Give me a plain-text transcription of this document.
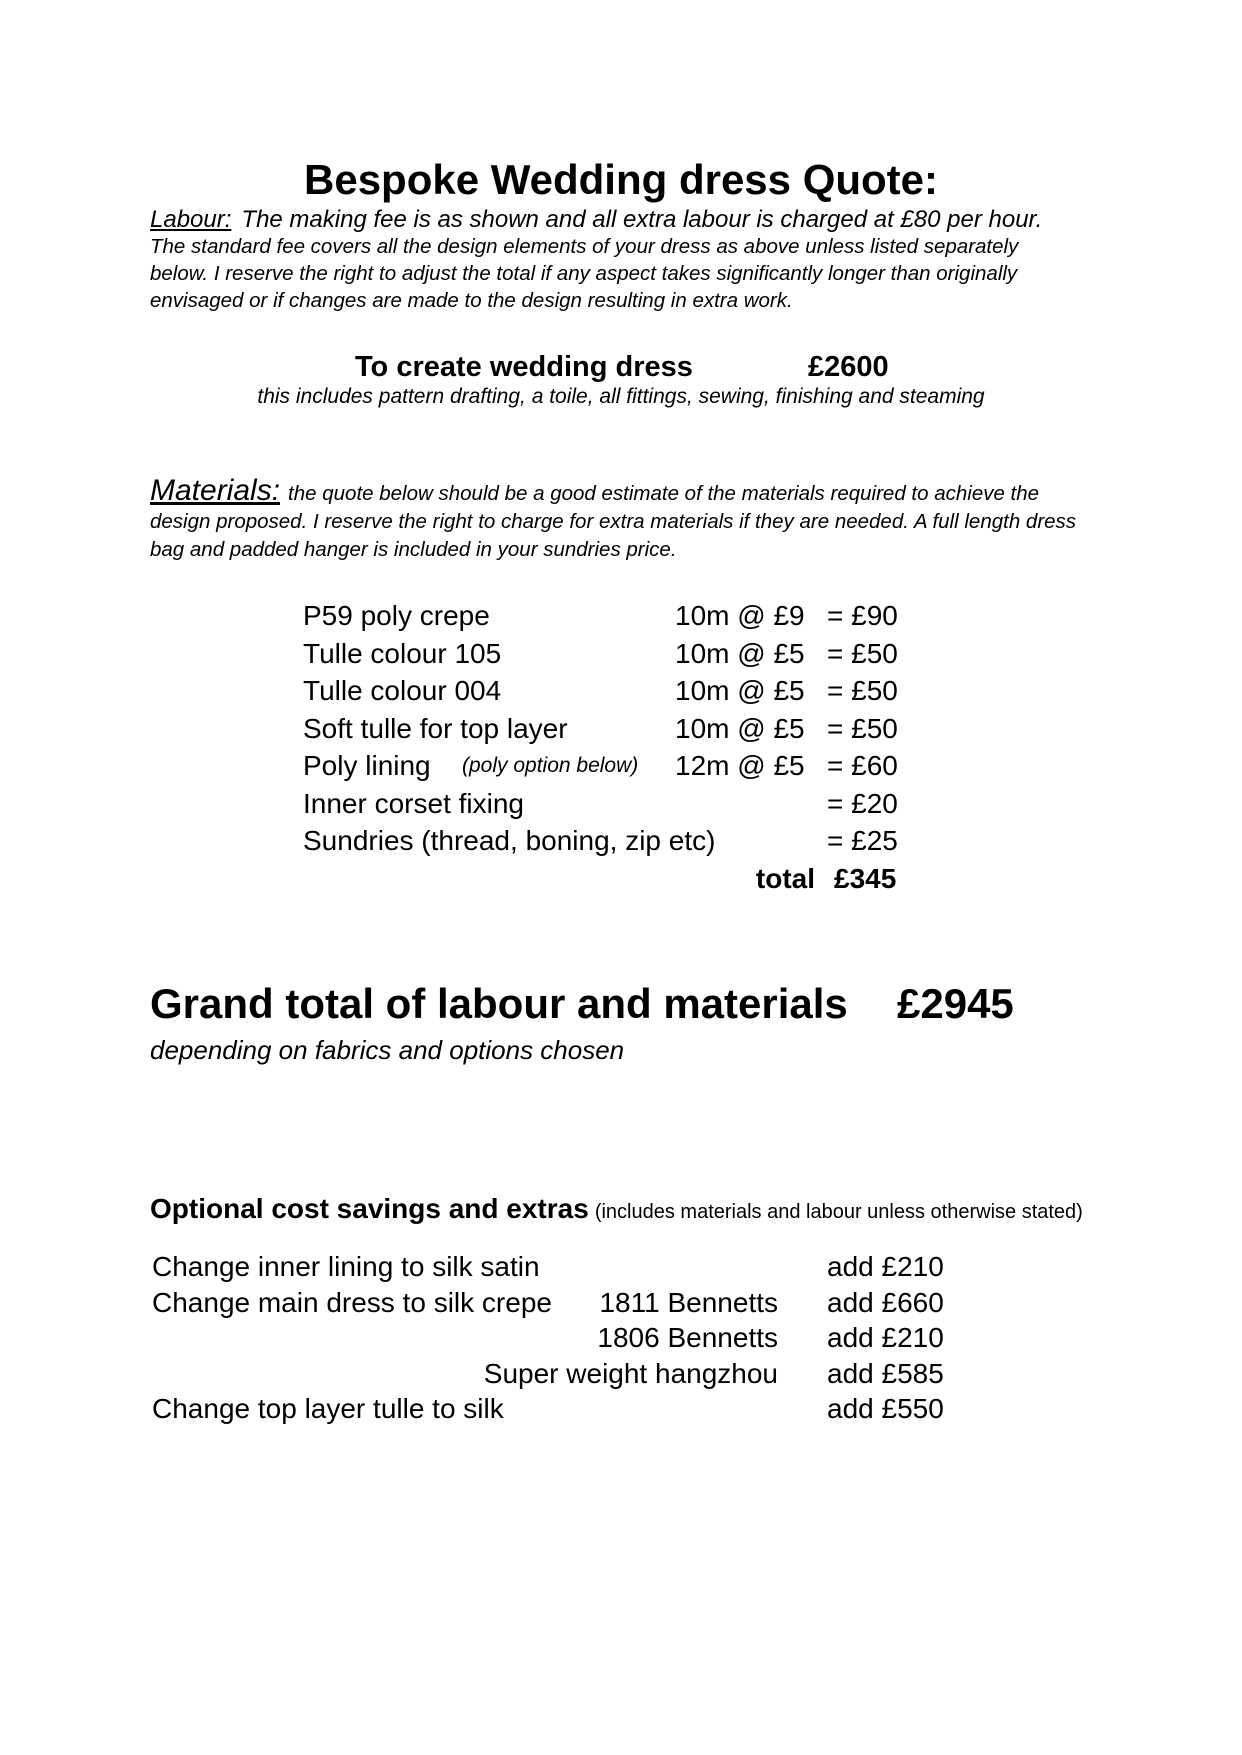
Bespoke Wedding dress Quote:
Labour: The making fee is as shown and all extra labour is charged at £80 per hour.
The standard fee covers all the design elements of your dress as above unless listed separately below. I reserve the right to adjust the total if any aspect takes significantly longer than originally envisaged or if changes are made to the design resulting in extra work.
To create wedding dress	£2600
this includes pattern drafting, a toile, all fittings, sewing, finishing and steaming
Materials: the quote below should be a good estimate of the materials required to achieve the design proposed. I reserve the right to charge for extra materials if they are needed. A full length dress bag and padded hanger is included in your sundries price.
P59 poly crepe	10m @ £9 = £90
Tulle colour 105	10m @ £5 = £50
Tulle colour 004	10m @ £5 = £50
Soft tulle for top layer	10m @ £5 = £50
Poly lining (poly option below) 12m @ £5 = £60
Inner corset fixing	= £20
Sundries (thread, boning, zip etc)	= £25
total £345
Grand total of labour and materials £2945
depending on fabrics and options chosen
Optional cost savings and extras (includes materials and labour unless otherwise stated)
Change inner lining to silk satin	add £210
Change main dress to silk crepe	1811 Bennetts add £660
1806 Bennetts add £210
Super weight hangzhou add £585
Change top layer tulle to silk	add £550
